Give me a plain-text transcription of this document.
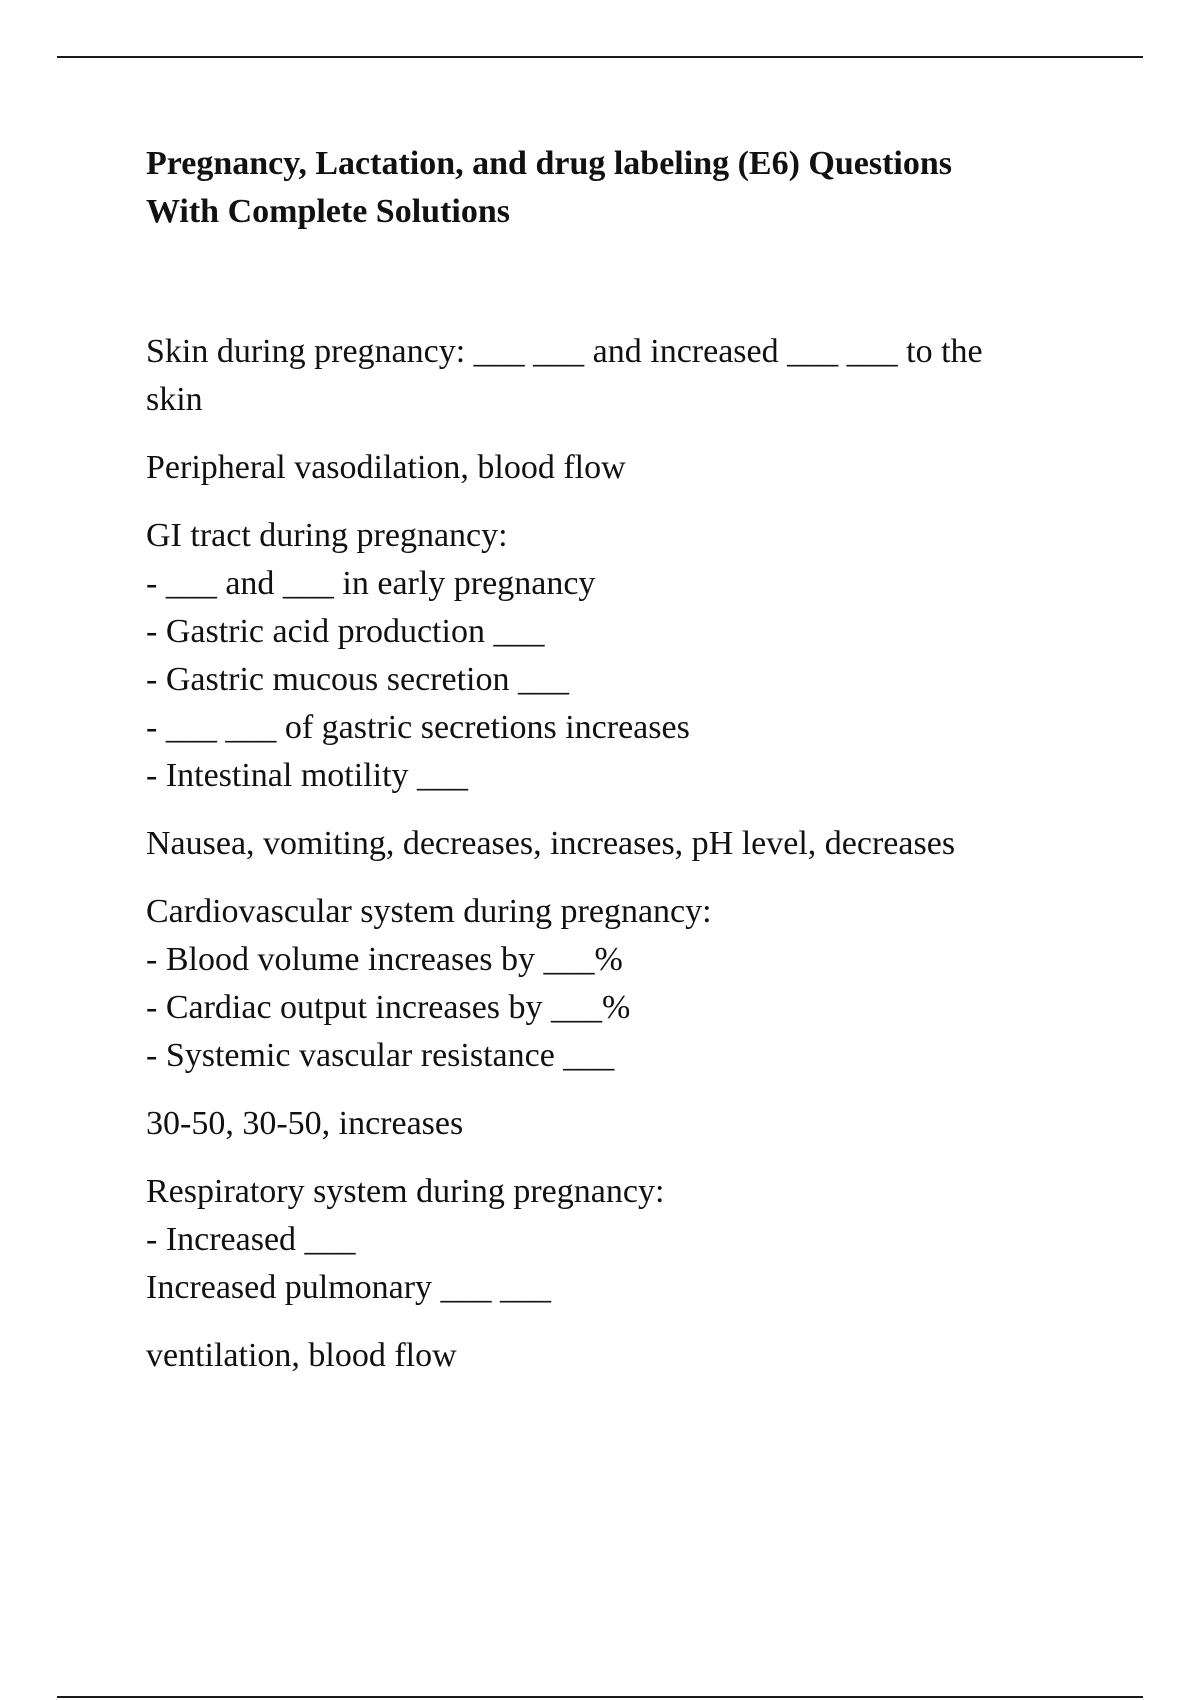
Pregnancy, Lactation, and drug labeling (E6) Questions
With Complete Solutions
Skin during pregnancy: ___ ___ and increased ___ ___ to the
skin
Peripheral vasodilation, blood flow
GI tract during pregnancy:
- ___ and ___ in early pregnancy
- Gastric acid production ___
- Gastric mucous secretion ___
- ___ ___ of gastric secretions increases
- Intestinal motility ___
Nausea, vomiting, decreases, increases, pH level, decreases
Cardiovascular system during pregnancy:
- Blood volume increases by ___%
- Cardiac output increases by ___%
- Systemic vascular resistance ___
30-50, 30-50, increases
Respiratory system during pregnancy:
- Increased ___
Increased pulmonary ___ ___
ventilation, blood flow
